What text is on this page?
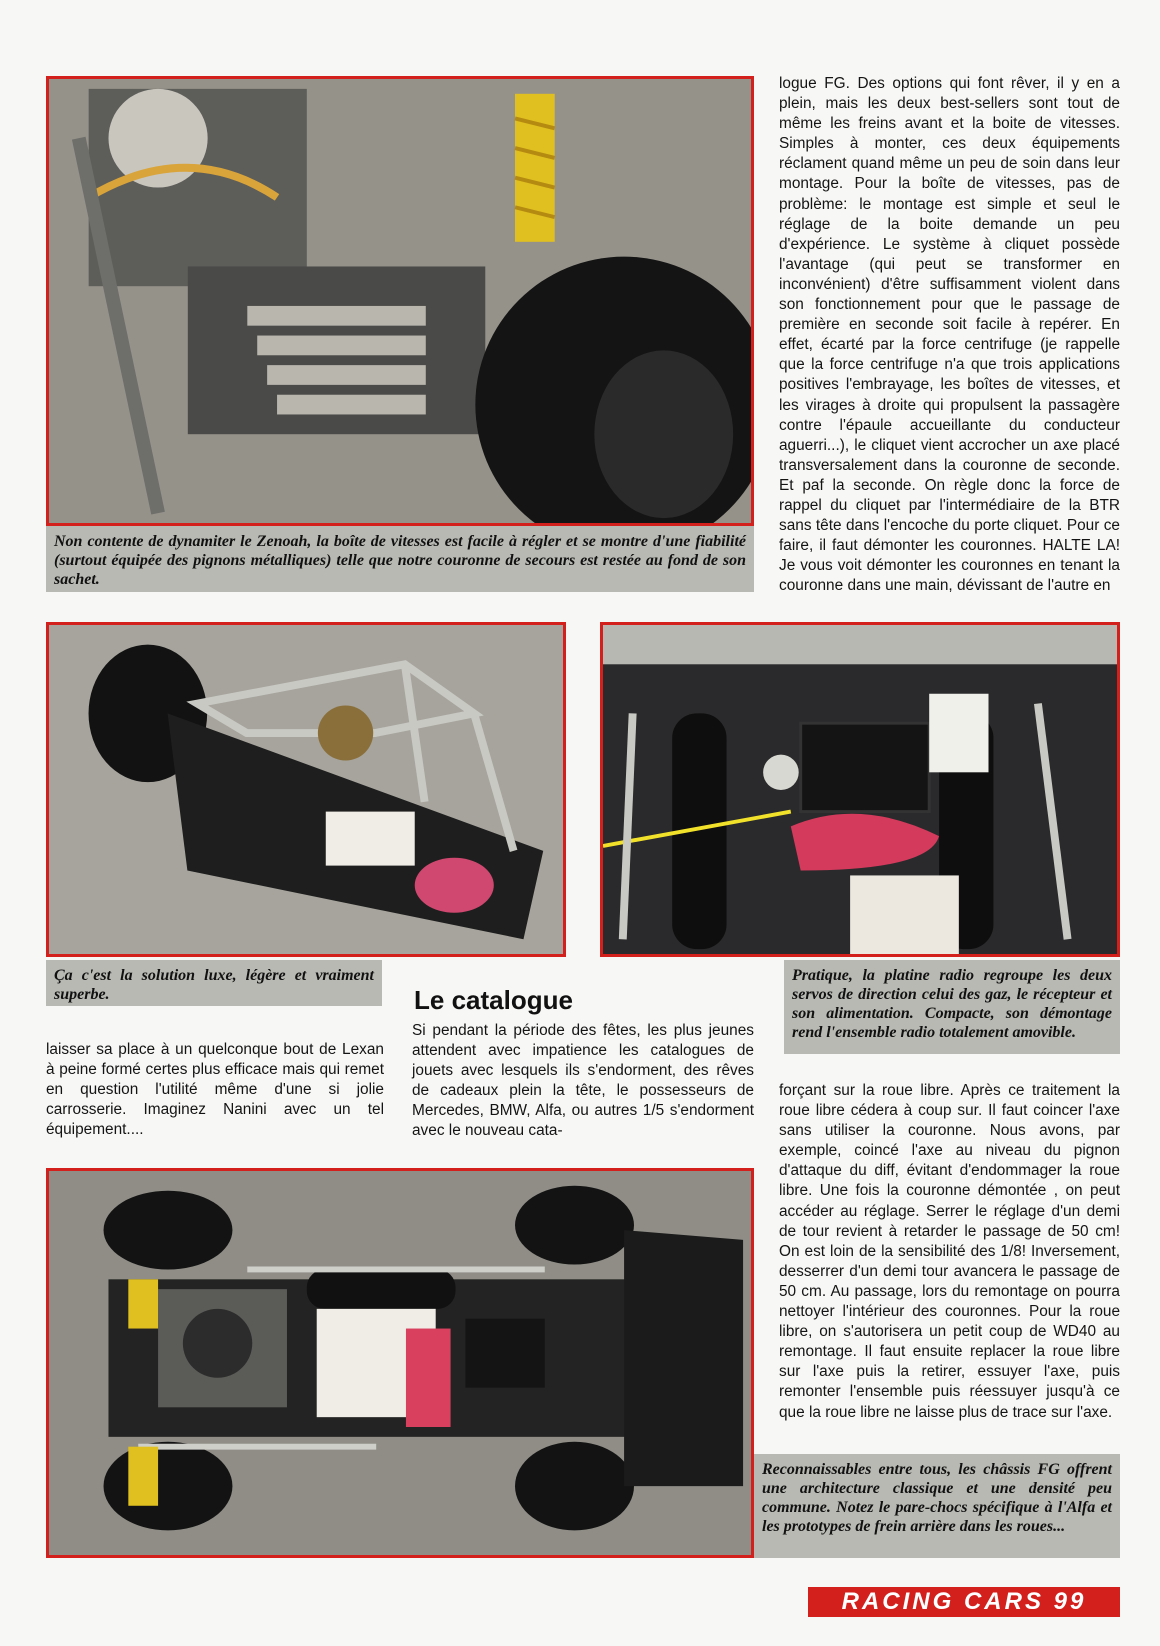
Non contente de dynamiter le Zenoah, la boîte de vitesses est facile à régler et se montre d'une fiabilité (surtout équipée des pignons métalliques) telle que notre couronne de secours est restée au fond de son sachet.
logue FG. Des options qui font rêver, il y en a plein, mais les deux best-sellers sont tout de même les freins avant et la boite de vitesses. Simples à monter, ces deux équipements réclament quand même un peu de soin dans leur montage. Pour la boîte de vitesses, pas de problème: le montage est simple et seul le réglage de la boite demande un peu d'expérience. Le système à cliquet possède l'avantage (qui peut se transformer en inconvénient) d'être suffisamment violent dans son fonctionnement pour que le passage de première en seconde soit facile à repérer. En effet, écarté par la force centrifuge (je rappelle que la force centrifuge n'a que trois applications positives l'embrayage, les boîtes de vitesses, et les virages à droite qui propulsent la passagère contre l'épaule accueillante du conducteur aguerri...), le cliquet vient accrocher un axe placé transversalement dans la couronne de seconde. Et paf la seconde. On règle donc la force de rappel du cliquet par l'intermédiaire de la BTR sans tête dans l'encoche du porte cliquet. Pour ce faire, il faut démonter les couronnes. HALTE LA! Je vous voit démonter les couronnes en tenant la couronne dans une main, dévissant de l'autre en
Ça c'est la solution luxe, légère et vraiment superbe.
Pratique, la platine radio regroupe les deux servos de direction celui des gaz, le récepteur et son alimentation. Compacte, son démontage rend l'ensemble radio totalement amovible.
Le catalogue
Si pendant la période des fêtes, les plus jeunes attendent avec impatience les catalogues de jouets avec lesquels ils s'endorment, des rêves de cadeaux plein la tête, le possesseurs de Mercedes, BMW, Alfa, ou autres 1/5 s'endorment avec le nouveau cata-
laisser sa place à un quelconque bout de Lexan à peine formé certes plus efficace mais qui remet en question l'utilité même d'une si jolie carrosserie. Imaginez Nanini avec un tel équipement....
forçant sur la roue libre. Après ce traitement la roue libre cédera à coup sur. Il faut coincer l'axe sans utiliser la couronne. Nous avons, par exemple, coincé l'axe au niveau du pignon d'attaque du diff, évitant d'endommager la roue libre. Une fois la couronne démontée , on peut accéder au réglage. Serrer le réglage d'un demi de tour revient à retarder le passage de 50 cm! On est loin de la sensibilité des 1/8! Inversement, desserrer d'un demi tour avancera le passage de 50 cm. Au passage, lors du remontage on pourra nettoyer l'intérieur des couronnes. Pour la roue libre, on s'autorisera un petit coup de WD40 au remontage. Il faut ensuite replacer la roue libre sur l'axe puis la retirer, essuyer l'axe, puis remonter l'ensemble puis réessuyer jusqu'à ce que la roue libre ne laisse plus de trace sur l'axe.
Reconnaissables entre tous, les châssis FG offrent une architecture classique et une densité peu commune. Notez le pare-chocs spécifique à l'Alfa et les prototypes de frein arrière dans les roues...
RACING CARS 99
